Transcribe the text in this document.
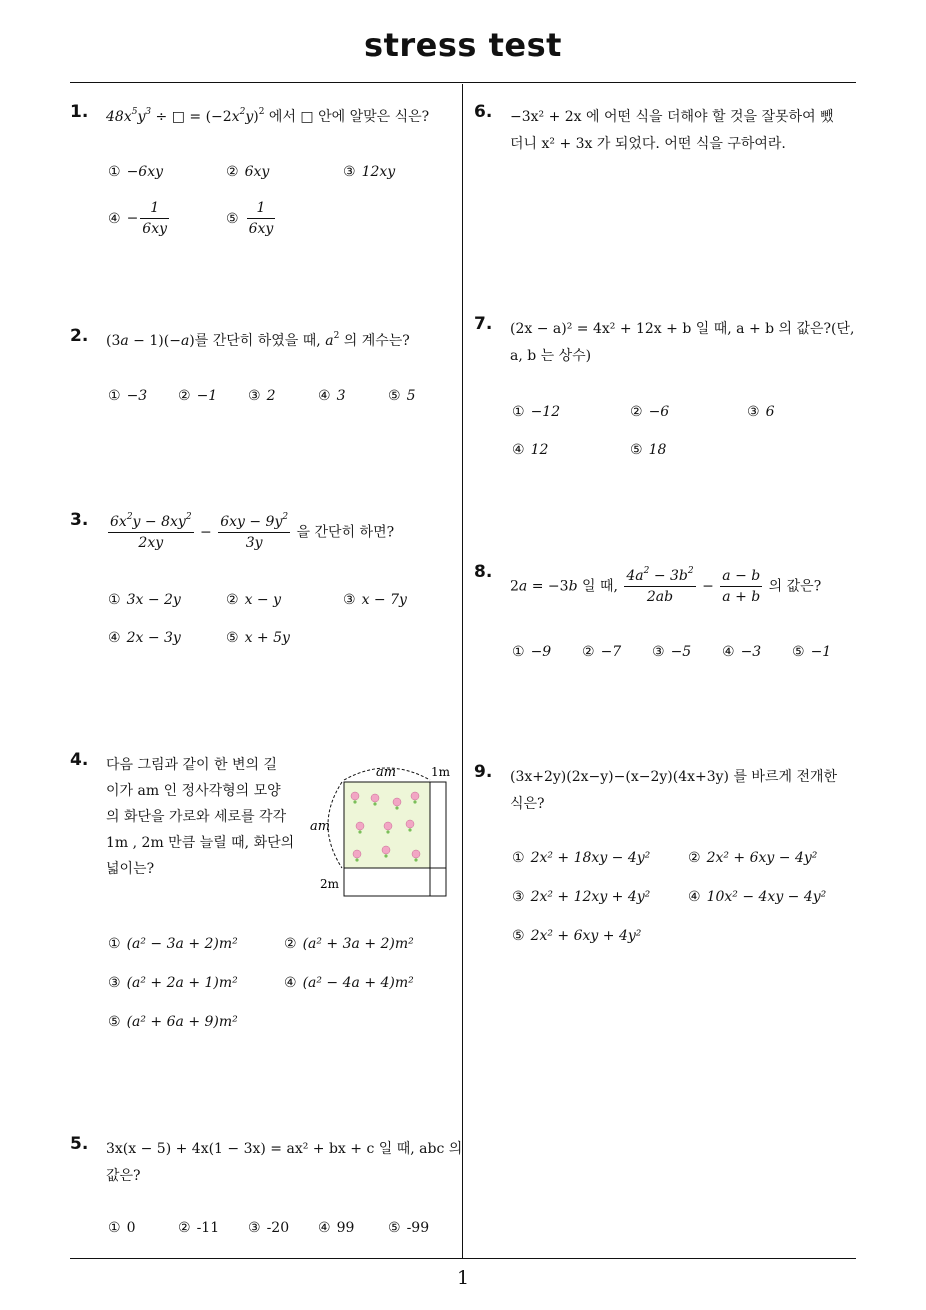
stress test
1
1. $48x^5y^3$ ÷ □ = $(-2x^2y)^2$ 에서 □ 안에 알맞은 식은?
① −6xy	② 6xy	③ 12xy
④ − $\frac{1}{6xy}$	⑤ $\frac{1}{6xy}$
2. (3a − 1)(−a)를 간단히 하였을 때, $a^2$ 의 계수는?
① −3 ② −1 ③ 2	④ 3	⑤ 5
3. $\frac{6x^2y - 8xy^2}{2xy} - \frac{6xy - 9y^2}{3y}$ 을 간단히 하면?
① 3x − 2y	② x − y	③ x − 7y
④ 2x − 3y	⑤ x + 5y
4. 다음 그림과 같이 한 변의 길
이가 am 인 정사각형의 모양
의 화단을 가로와 세로를 각각
1m , 2m 만큼 늘릴 때, 화단의
넓이는?
am
am
1m
2m
① (a² − 3a + 2)m²	② (a² + 3a + 2)m²
③ (a² + 2a + 1)m²	④ (a² − 4a + 4)m²
⑤ (a² + 6a + 9)m²
5. 3x(x − 5) + 4x(1 − 3x) = ax² + bx + c 일 때, abc 의
값은?
① 0	② -11 ③ -20 ④ 99 ⑤ -99
6. −3x² + 2x 에 어떤 식을 더해야 할 것을 잘못하여 뺐
더니 x² + 3x 가 되었다. 어떤 식을 구하여라.
7. (2x − a)² = 4x² + 12x + b 일 때, a + b 의 값은?(단,
a, b 는 상수)
① −12	② −6	③ 6
④ 12	⑤ 18
8.
2a = −3b 일 때, $\frac{4a^2 - 3b^2}{2ab} - \frac{a - b}{a + b}$ 의 값은?
① −9 ② −7 ③ −5 ④ −3 ⑤ −1
9. (3x+2y)(2x−y)−(x−2y)(4x+3y) 를 바르게 전개한
식은?
① 2x² + 18xy − 4y²	② 2x² + 6xy − 4y²
③ 2x² + 12xy + 4y²	④ 10x² − 4xy − 4y²
⑤ 2x² + 6xy + 4y²
